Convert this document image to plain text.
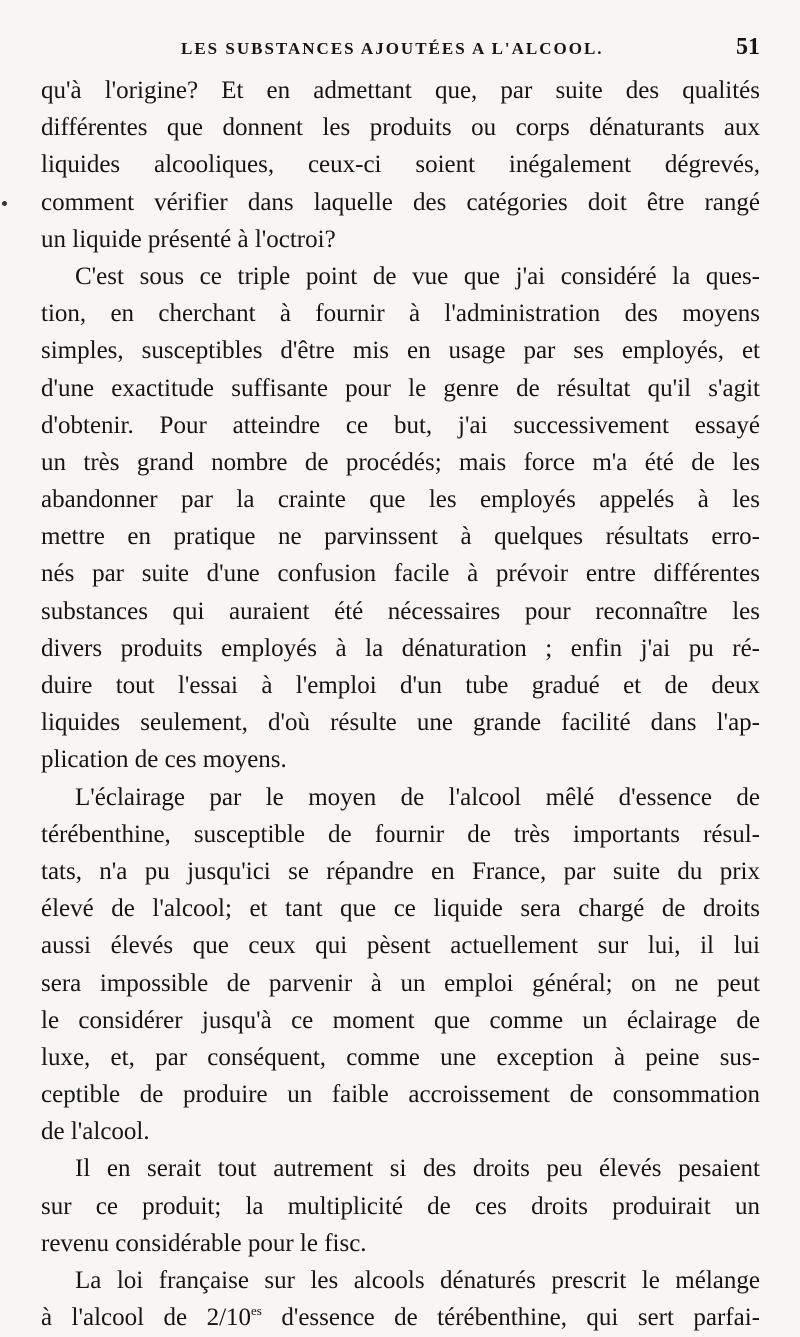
LES SUBSTANCES AJOUTÉES A L'ALCOOL.	51
qu'à l'origine? Et en admettant que, par suite des qualités
différentes que donnent les produits ou corps dénaturants aux
liquides alcooliques, ceux-ci soient inégalement dégrevés,
comment vérifier dans laquelle des catégories doit être rangé
un liquide présenté à l'octroi?
C'est sous ce triple point de vue que j'ai considéré la ques-
tion, en cherchant à fournir à l'administration des moyens
simples, susceptibles d'être mis en usage par ses employés, et
d'une exactitude suffisante pour le genre de résultat qu'il s'agit
d'obtenir. Pour atteindre ce but, j'ai successivement essayé
un très grand nombre de procédés; mais force m'a été de les
abandonner par la crainte que les employés appelés à les
mettre en pratique ne parvinssent à quelques résultats erro-
nés par suite d'une confusion facile à prévoir entre différentes
substances qui auraient été nécessaires pour reconnaître les
divers produits employés à la dénaturation ; enfin j'ai pu ré-
duire tout l'essai à l'emploi d'un tube gradué et de deux
liquides seulement, d'où résulte une grande facilité dans l'ap-
plication de ces moyens.
L'éclairage par le moyen de l'alcool mêlé d'essence de
térébenthine, susceptible de fournir de très importants résul-
tats, n'a pu jusqu'ici se répandre en France, par suite du prix
élevé de l'alcool; et tant que ce liquide sera chargé de droits
aussi élevés que ceux qui pèsent actuellement sur lui, il lui
sera impossible de parvenir à un emploi général; on ne peut
le considérer jusqu'à ce moment que comme un éclairage de
luxe, et, par conséquent, comme une exception à peine sus-
ceptible de produire un faible accroissement de consommation
de l'alcool.
Il en serait tout autrement si des droits peu élevés pesaient
sur ce produit; la multiplicité de ces droits produirait un
revenu considérable pour le fisc.
La loi française sur les alcools dénaturés prescrit le mélange
à l'alcool de $2/10^{es}$ d'essence de térébenthine, qui sert parfai-
